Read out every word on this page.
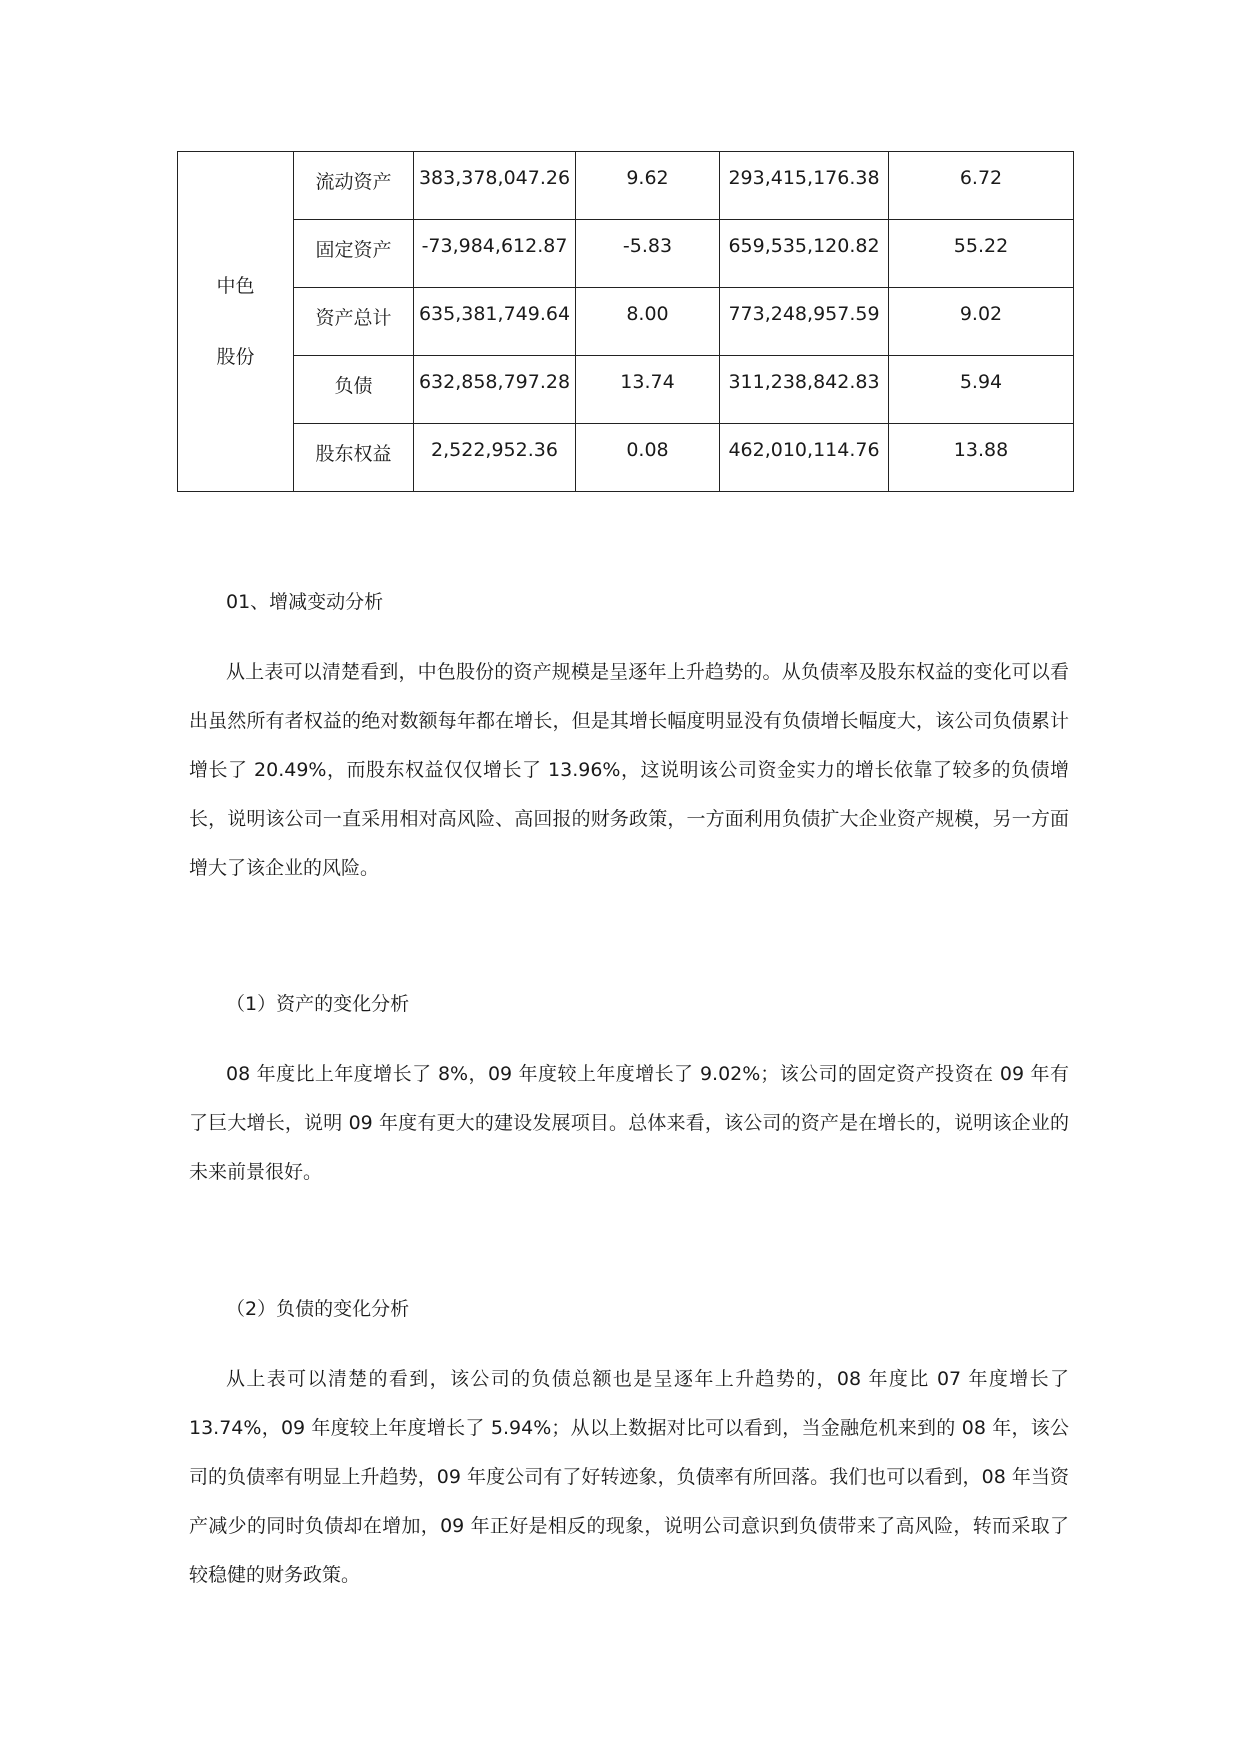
中色
股份	流动资产	383,378,047.26	9.62	293,415,176.38	6.72
	固定资产	-73,984,612.87	-5.83	659,535,120.82	55.22
	资产总计	635,381,749.64	8.00	773,248,957.59	9.02
	负债	632,858,797.28	13.74	311,238,842.83	5.94
	股东权益	2,522,952.36	0.08	462,010,114.76	13.88

01、增减变动分析

从上表可以清楚看到，中色股份的资产规模是呈逐年上升趋势的。从负债率及股东权益的变化可以看出虽然所有者权益的绝对数额每年都在增长，但是其增长幅度明显没有负债增长幅度大，该公司负债累计增长了 20.49%，而股东权益仅仅增长了 13.96%，这说明该公司资金实力的增长依靠了较多的负债增长，说明该公司一直采用相对高风险、高回报的财务政策，一方面利用负债扩大企业资产规模，另一方面增大了该企业的风险。

（1）资产的变化分析

08 年度比上年度增长了 8%，09 年度较上年度增长了 9.02%；该公司的固定资产投资在 09 年有了巨大增长，说明 09 年度有更大的建设发展项目。总体来看，该公司的资产是在增长的，说明该企业的未来前景很好。

（2）负债的变化分析

从上表可以清楚的看到，该公司的负债总额也是呈逐年上升趋势的，08 年度比 07 年度增长了 13.74%，09 年度较上年度增长了 5.94%；从以上数据对比可以看到，当金融危机来到的 08 年，该公司的负债率有明显上升趋势，09 年度公司有了好转迹象，负债率有所回落。我们也可以看到，08 年当资产减少的同时负债却在增加，09 年正好是相反的现象，说明公司意识到负债带来了高风险，转而采取了较稳健的财务政策。
